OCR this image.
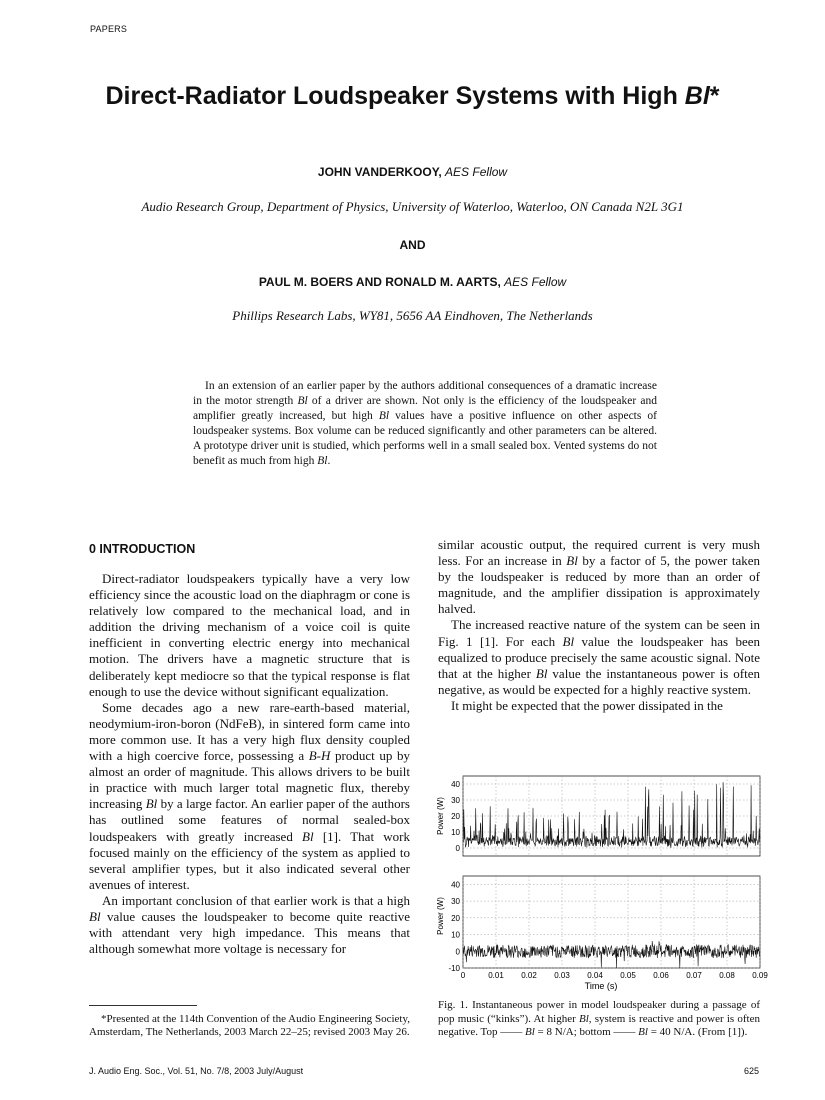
PAPERS
Direct-Radiator Loudspeaker Systems with High Bl*
JOHN VANDERKOOY, AES Fellow
Audio Research Group, Department of Physics, University of Waterloo, Waterloo, ON Canada N2L 3G1
AND
PAUL M. BOERS AND RONALD M. AARTS, AES Fellow
Phillips Research Labs, WY81, 5656 AA Eindhoven, The Netherlands
In an extension of an earlier paper by the authors additional consequences of a dramatic increase in the motor strength Bl of a driver are shown. Not only is the efficiency of the loudspeaker and amplifier greatly increased, but high Bl values have a positive influence on other aspects of loudspeaker systems. Box volume can be reduced significantly and other parameters can be altered. A prototype driver unit is studied, which performs well in a small sealed box. Vented systems do not benefit as much from high Bl.
0 INTRODUCTION

Direct-radiator loudspeakers typically have a very low efficiency since the acoustic load on the diaphragm or cone is relatively low compared to the mechanical load, and in addition the driving mechanism of a voice coil is quite inefficient in converting electric energy into mechanical motion. The drivers have a magnetic structure that is deliberately kept mediocre so that the typical response is flat enough to use the device without significant equalization.

Some decades ago a new rare-earth-based material, neodymium-iron-boron (NdFeB), in sintered form came into more common use. It has a very high flux density coupled with a high coercive force, possessing a B-H product up by almost an order of magnitude. This allows drivers to be built in practice with much larger total magnetic flux, thereby increasing Bl by a large factor. An earlier paper of the authors has outlined some features of normal sealed-box loudspeakers with greatly increased Bl [1]. That work focused mainly on the efficiency of the system as applied to several amplifier types, but it also indicated several other avenues of interest.

An important conclusion of that earlier work is that a high Bl value causes the loudspeaker to become quite reactive with attendant very high impedance. This means that although somewhat more voltage is necessary for

similar acoustic output, the required current is very mush less. For an increase in Bl by a factor of 5, the power taken by the loudspeaker is reduced by more than an order of magnitude, and the amplifier dissipation is approximately halved.

The increased reactive nature of the system can be seen in Fig. 1 [1]. For each Bl value the loudspeaker has been equalized to produce precisely the same acoustic signal. Note that at the higher Bl value the instantaneous power is often negative, as would be expected for a highly reactive system.

It might be expected that the power dissipated in the

0
10
20
30
40
-10
0
10
20
30
40
Time (s)
Power (W)
Power (W)
0	0.01 0.02 0.03 0.04 0.05 0.06 0.07 0.08 0.09
*Presented at the 114th Convention of the Audio Engineering Society, Amsterdam, The Netherlands, 2003 March 22–25; revised 2003 May 26.
Fig. 1. Instantaneous power in model loudspeaker during a passage of pop music (“kinks”). At higher Bl, system is reactive and power is often negative. Top —— Bl = 8 N/A; bottom —— Bl = 40 N/A. (From [1]).
J. Audio Eng. Soc., Vol. 51, No. 7/8, 2003 July/August	625
